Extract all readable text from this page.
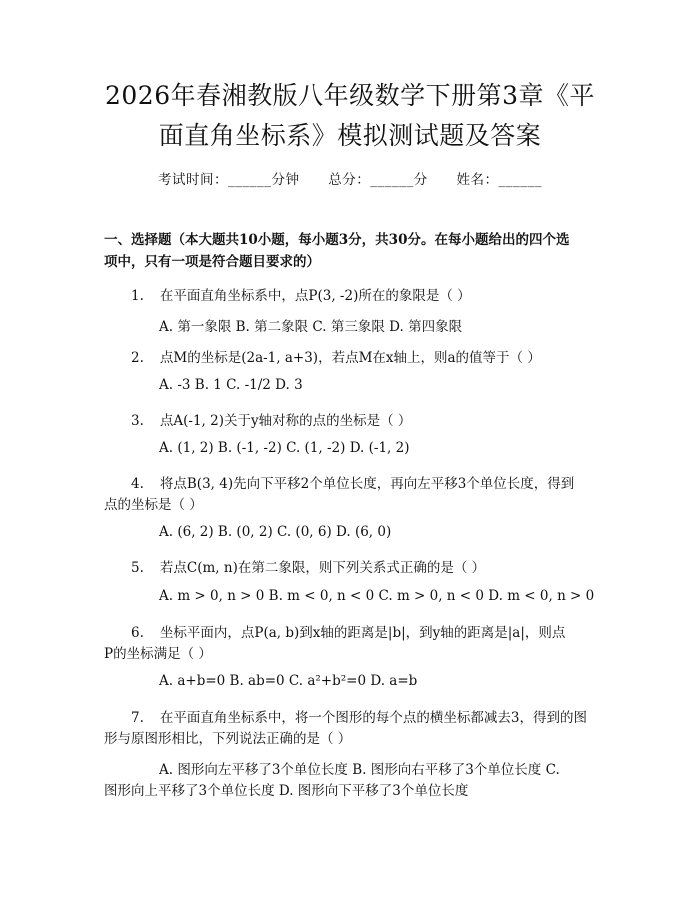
2026年春湘教版八年级数学下册第3章《平
面直角坐标系》模拟测试题及答案
考试时间：______分钟 总分：______分 姓名：______
一、选择题（本大题共10小题，每小题3分，共30分。在每小题给出的四个选
项中，只有一项是符合题目要求的）
1. 在平面直角坐标系中，点P(3, -2)所在的象限是（ ）
A. 第一象限 B. 第二象限 C. 第三象限 D. 第四象限
2. 点M的坐标是(2a-1, a+3)，若点M在x轴上，则a的值等于（ ）
A. -3 B. 1 C. -1/2 D. 3
3. 点A(-1, 2)关于y轴对称的点的坐标是（ ）
A. (1, 2) B. (-1, -2) C. (1, -2) D. (-1, 2)
4. 将点B(3, 4)先向下平移2个单位长度，再向左平移3个单位长度，得到
点的坐标是（ ）
A. (6, 2) B. (0, 2) C. (0, 6) D. (6, 0)
5. 若点C(m, n)在第二象限，则下列关系式正确的是（ ）
A. m > 0, n > 0 B. m < 0, n < 0 C. m > 0, n < 0 D. m < 0, n > 0
6. 坐标平面内，点P(a, b)到x轴的距离是|b|，到y轴的距离是|a|，则点
P的坐标满足（ ）
A. a+b=0 B. ab=0 C. a²+b²=0 D. a=b
7. 在平面直角坐标系中，将一个图形的每个点的横坐标都减去3，得到的图
形与原图形相比，下列说法正确的是（ ）
A. 图形向左平移了3个单位长度 B. 图形向右平移了3个单位长度 C.
图形向上平移了3个单位长度 D. 图形向下平移了3个单位长度
